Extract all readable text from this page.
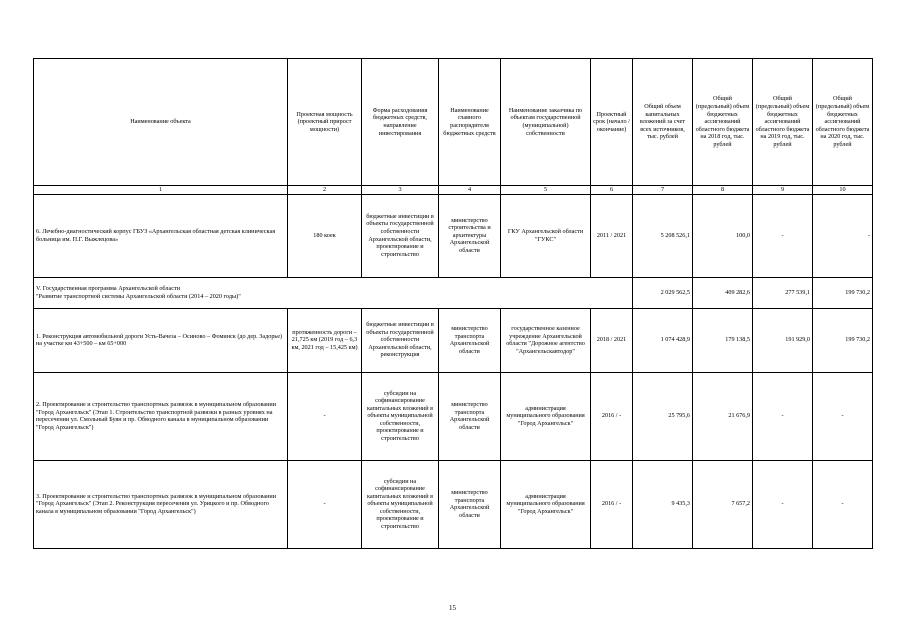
Наименование объекта	Проектная мощность (проектный прирост мощности)	Форма расходования бюджетных средств, направление инвестирования	Наименование главного распорядителя бюджетных средств	Наименование заказчика по объектам государственной (муниципальной) собственности	Проектный срок (начало / окончание)	Общий объем капитальных вложений за счет всех источников, тыс. рублей	Общий (предельный) объем бюджетных ассигнований областного бюджета на 2018 год, тыс. рублей	Общий (предельный) объем бюджетных ассигнований областного бюджета на 2019 год, тыс. рублей	Общий (предельный) объем бюджетных ассигнований областного бюджета на 2020 год, тыс. рублей
1	2	3	4	5	6	7	8	9	10
6. Лечебно-диагностический корпус ГБУЗ «Архангельская областная детская клиническая больница им. П.Г. Выжлецова»	180 коек	бюджетные инвестиции в объекты государственной собственности Архангельской области, проектирование и строительство	министерство строительства и архитектуры Архангельской области	ГКУ Архангельской области "ГУКС"	2011 / 2021	5 208 526,1	100,0	-	-

V. Государственная программа Архангельской области
"Развитие транспортной системы Архангельской области (2014 – 2020 годы)"						2 029 562,5	409 282,6	277 539,1	199 730,2
1. Реконструкция автомобильной дороги Усть-Вачеза – Осиново – Фоминск (до дер. Задорье) на участке км 43+500 – км 65+000	протяженность дороги – 21,725 км (2019 год – 6,3 км, 2021 год – 15,425 км)	бюджетные инвестиции в объекты государственной собственности Архангельской области, реконструкция	министерство транспорта Архангельской области	государственное казенное учреждение Архангельской области "Дорожное агентство "Архангельскавтодор"	2018 / 2021	1 074 428,9	179 138,5	191 929,0	199 730,2
2. Проектирование и строительство транспортных развязок в муниципальном образовании "Город Архангельск" (Этап 1. Строительство транспортной развязки в разных уровнях на пересечении ул. Смольный Буян и пр. Обводного канала в муниципальном образовании "Город Архангельск")	-	субсидии на софинансирование капитальных вложений в объекты муниципальной собственности, проектирование и строительство	министерство транспорта Архангельской области	администрация муниципального образования "Город Архангельск"	2016 / -	25 795,6	21 676,9	-	-
3. Проектирование и строительство транспортных развязок в муниципальном образовании "Город Архангельск" (Этап 2. Реконструкция пересечения ул. Урицкого и пр. Обводного канала в муниципальном образовании "Город Архангельск")	-	субсидии на софинансирование капитальных вложений в объекты муниципальной собственности, проектирование и строительство	министерство транспорта Архангельской области	администрация муниципального образования "Город Архангельск"	2016 / -	9 435,3	7 657,2	-	-
15
